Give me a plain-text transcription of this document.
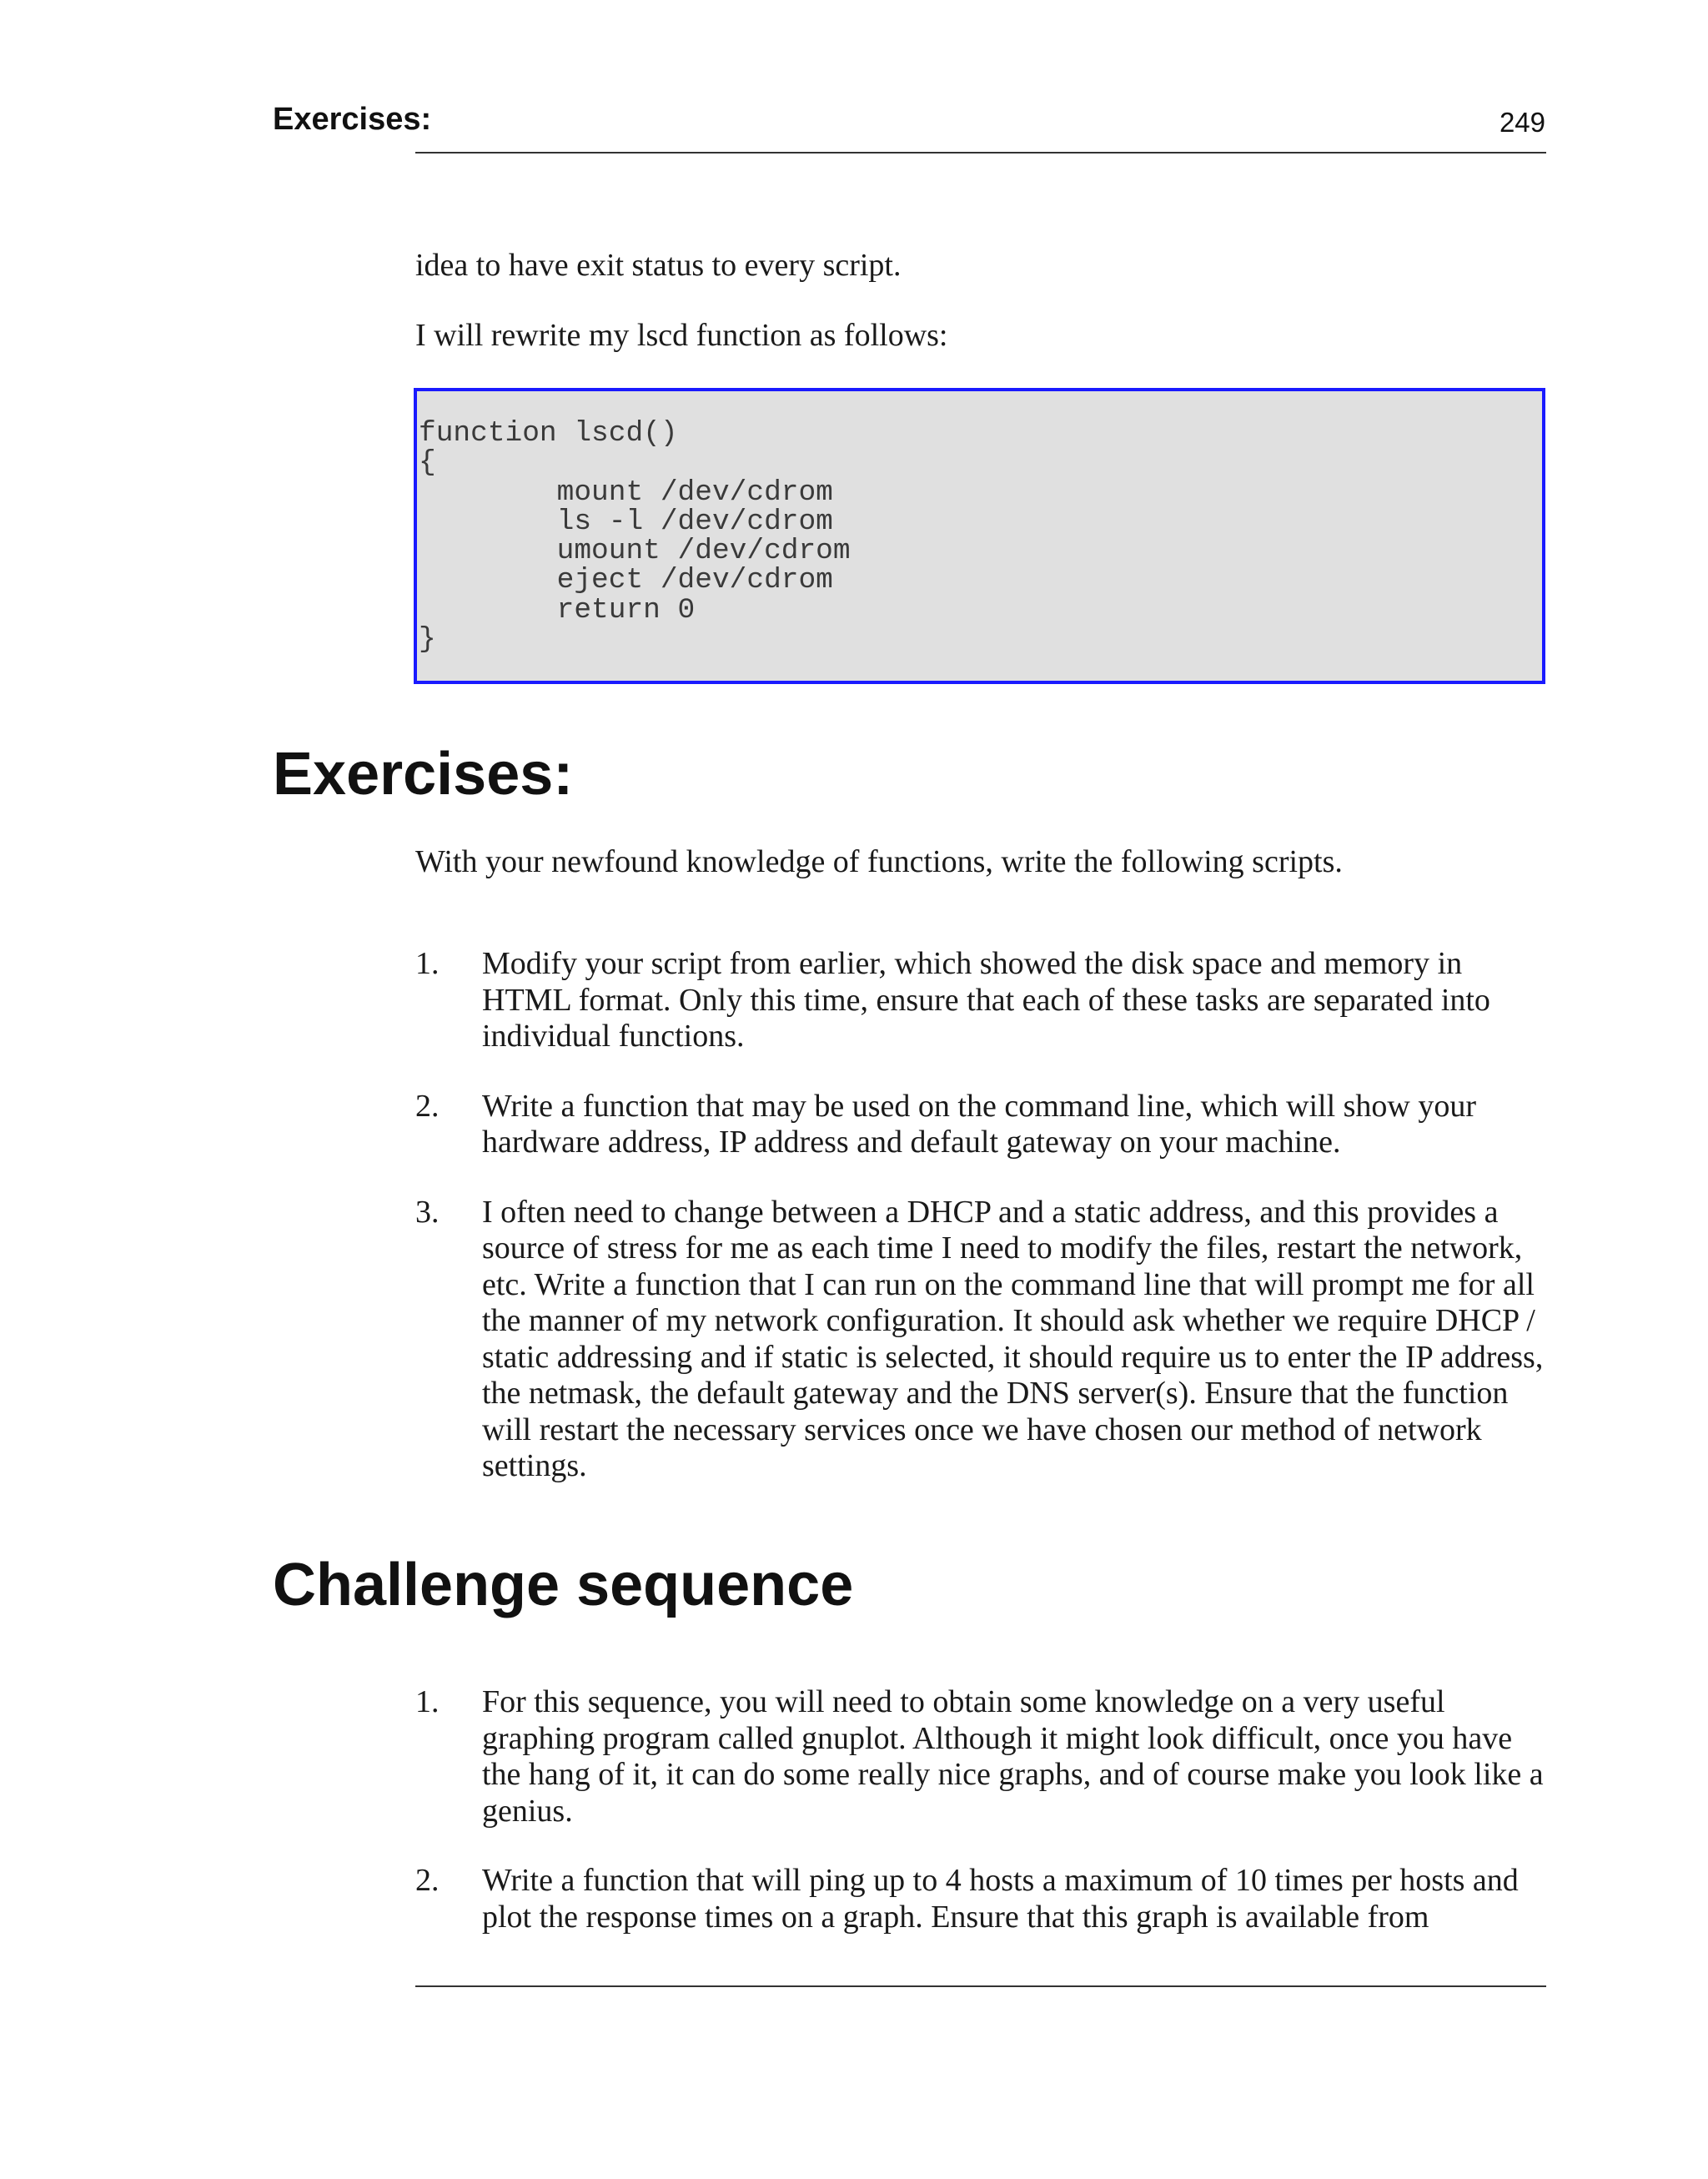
Exercises:	249

idea to have exit status to every script.

I will rewrite my lscd function as follows:

function lscd()
{
mount /dev/cdrom
ls -l /dev/cdrom
umount /dev/cdrom
eject /dev/cdrom
return 0
}
Exercises:

With your newfound knowledge of functions, write the following scripts.

1. Modify your script from earlier, which showed the disk space and memory in HTML format. Only this time, ensure that each of these tasks are separated into individual functions.
2. Write a function that may be used on the command line, which will show your hardware address, IP address and default gateway on your machine.
3. I often need to change between a DHCP and a static address, and this provides a source of stress for me as each time I need to modify the files, restart the network, etc. Write a function that I can run on the command line that will prompt me for all the manner of my network configuration. It should ask whether we require DHCP / static addressing and if static is selected, it should require us to enter the IP address, the netmask, the default gateway and the DNS server(s). Ensure that the function will restart the necessary services once we have chosen our method of network settings.
Challenge sequence
1. For this sequence, you will need to obtain some knowledge on a very useful graphing program called gnuplot. Although it might look difficult, once you have the hang of it, it can do some really nice graphs, and of course make you look like a genius.
2. Write a function that will ping up to 4 hosts a maximum of 10 times per hosts and plot the response times on a graph. Ensure that this graph is available from
